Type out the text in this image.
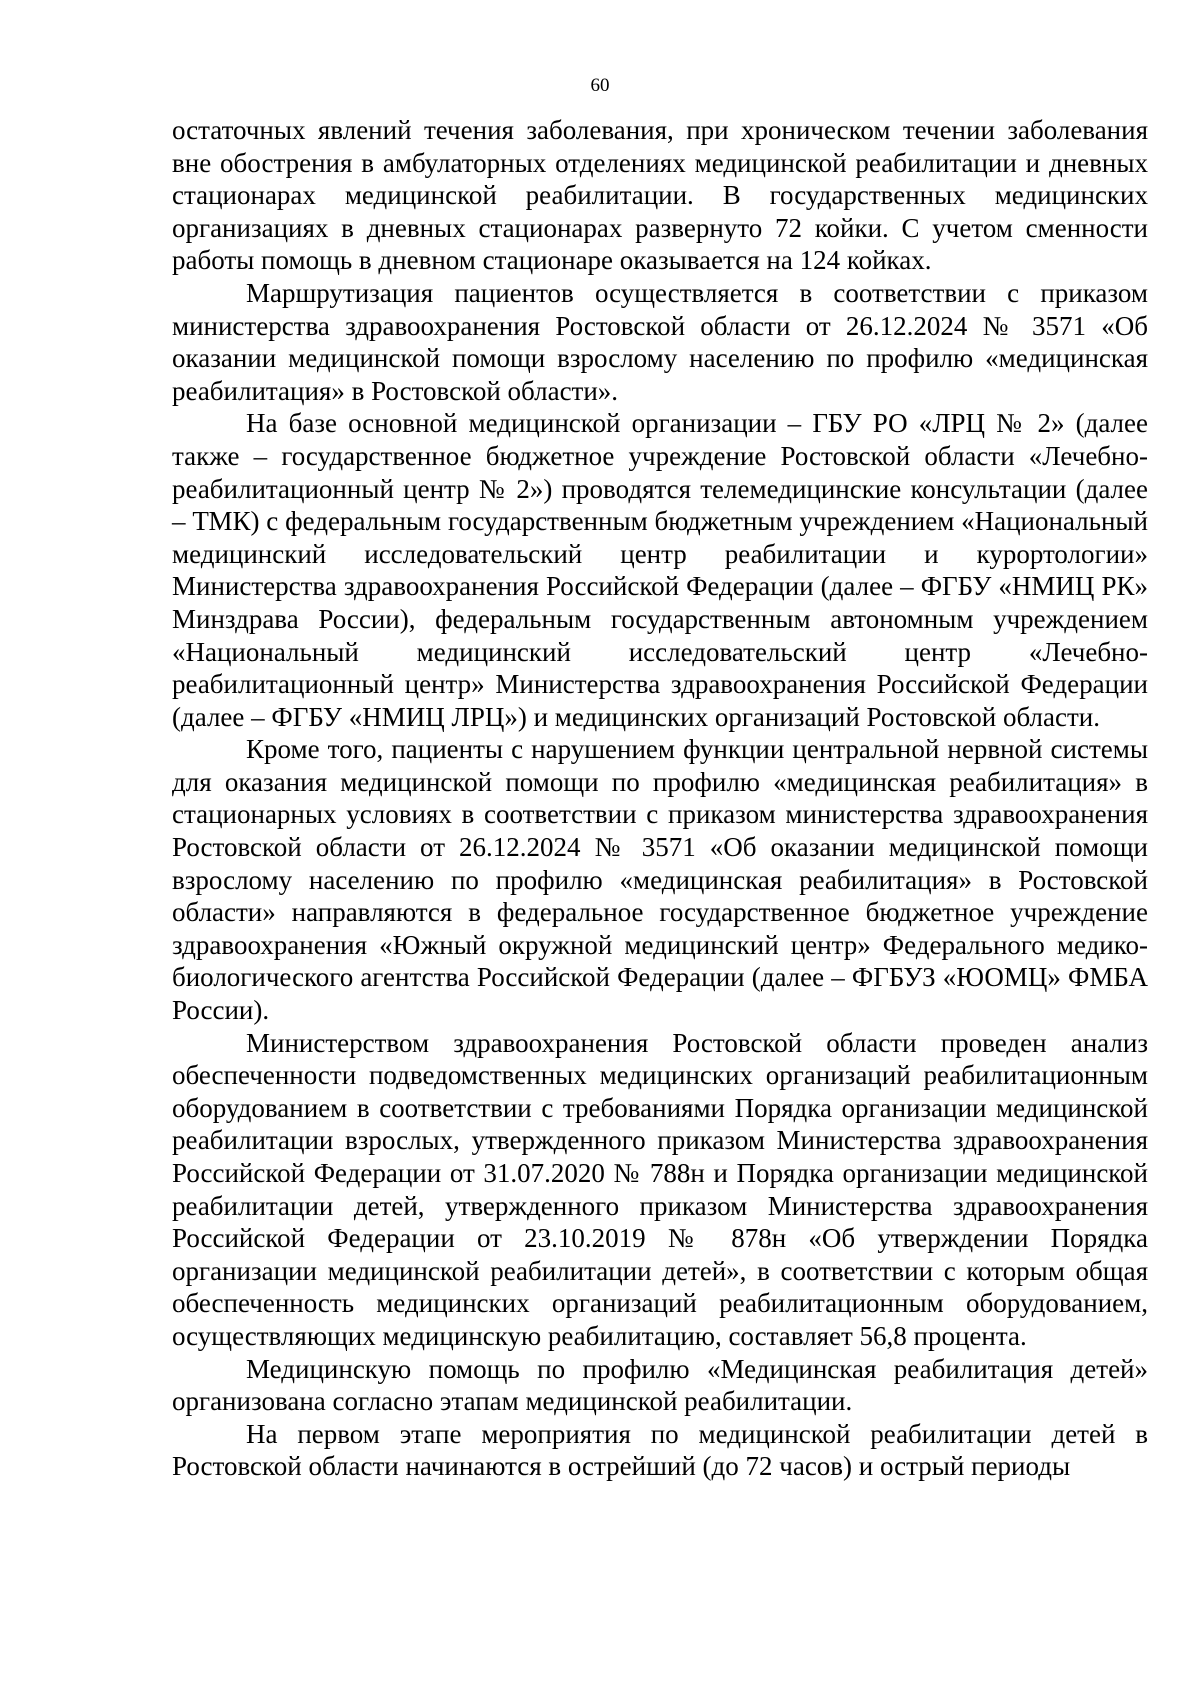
60

остаточных явлений течения заболевания, при хроническом течении заболевания вне обострения в амбулаторных отделениях медицинской реабилитации и дневных стационарах медицинской реабилитации. В государственных медицинских организациях в дневных стационарах развернуто 72 койки. С учетом сменности работы помощь в дневном стационаре оказывается на 124 койках.

Маршрутизация пациентов осуществляется в соответствии с приказом министерства здравоохранения Ростовской области от 26.12.2024 № 3571 «Об оказании медицинской помощи взрослому населению по профилю «медицинская реабилитация» в Ростовской области».

На базе основной медицинской организации – ГБУ РО «ЛРЦ № 2» (далее также – государственное бюджетное учреждение Ростовской области «Лечебно-реабилитационный центр № 2») проводятся телемедицинские консультации (далее – ТМК) с федеральным государственным бюджетным учреждением «Национальный медицинский исследовательский центр реабилитации и курортологии» Министерства здравоохранения Российской Федерации (далее – ФГБУ «НМИЦ РК» Минздрава России), федеральным государственным автономным учреждением «Национальный медицинский исследовательский центр «Лечебно-реабилитационный центр» Министерства здравоохранения Российской Федерации (далее – ФГБУ «НМИЦ ЛРЦ») и медицинских организаций Ростовской области.

Кроме того, пациенты с нарушением функции центральной нервной системы для оказания медицинской помощи по профилю «медицинская реабилитация» в стационарных условиях в соответствии с приказом министерства здравоохранения Ростовской области от 26.12.2024 № 3571 «Об оказании медицинской помощи взрослому населению по профилю «медицинская реабилитация» в Ростовской области» направляются в федеральное государственное бюджетное учреждение здравоохранения «Южный окружной медицинский центр» Федерального медико-биологического агентства Российской Федерации (далее – ФГБУЗ «ЮОМЦ» ФМБА России).

Министерством здравоохранения Ростовской области проведен анализ обеспеченности подведомственных медицинских организаций реабилитационным оборудованием в соответствии с требованиями Порядка организации медицинской реабилитации взрослых, утвержденного приказом Министерства здравоохранения Российской Федерации от 31.07.2020 № 788н и Порядка организации медицинской реабилитации детей, утвержденного приказом Министерства здравоохранения Российской Федерации от 23.10.2019 № 878н «Об утверждении Порядка организации медицинской реабилитации детей», в соответствии с которым общая обеспеченность медицинских организаций реабилитационным оборудованием, осуществляющих медицинскую реабилитацию, составляет 56,8 процента.

Медицинскую помощь по профилю «Медицинская реабилитация детей» организована согласно этапам медицинской реабилитации.

На первом этапе мероприятия по медицинской реабилитации детей в Ростовской области начинаются в острейший (до 72 часов) и острый периоды
